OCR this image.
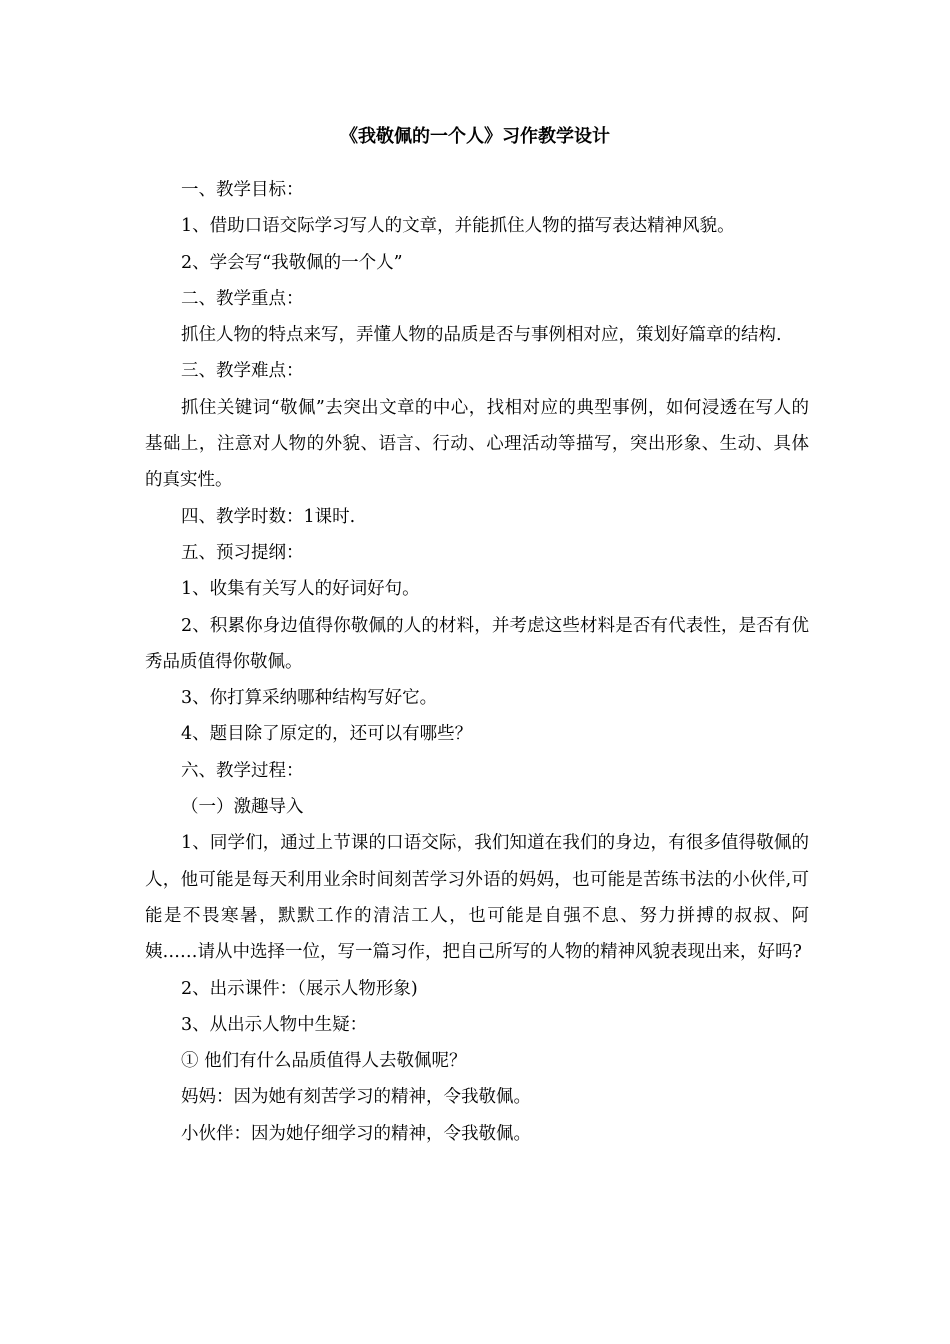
《我敬佩的一个人》习作教学设计

一、教学目标：

1、借助口语交际学习写人的文章，并能抓住人物的描写表达精神风貌。

2、学会写“我敬佩的一个人”

二、教学重点：

抓住人物的特点来写，弄懂人物的品质是否与事例相对应，策划好篇章的结构.

三、教学难点：

抓住关键词“敬佩”去突出文章的中心，找相对应的典型事例，如何浸透在写人的基础上，注意对人物的外貌、语言、行动、心理活动等描写，突出形象、生动、具体的真实性。

四、教学时数：1课时.

五、预习提纲：

1、收集有关写人的好词好句。

2、积累你身边值得你敬佩的人的材料，并考虑这些材料是否有代表性，是否有优秀品质值得你敬佩。

3、你打算采纳哪种结构写好它。

4、题目除了原定的，还可以有哪些？

六、教学过程：

（一）激趣导入

1、同学们，通过上节课的口语交际，我们知道在我们的身边，有很多值得敬佩的人，他可能是每天利用业余时间刻苦学习外语的妈妈，也可能是苦练书法的小伙伴,可能是不畏寒暑，默默工作的清洁工人，也可能是自强不息、努力拼搏的叔叔、阿姨……请从中选择一位，写一篇习作，把自己所写的人物的精神风貌表现出来，好吗?

2、出示课件：（展示人物形象)

3、从出示人物中生疑：

① 他们有什么品质值得人去敬佩呢？

妈妈：因为她有刻苦学习的精神，令我敬佩。

小伙伴：因为她仔细学习的精神，令我敬佩。
